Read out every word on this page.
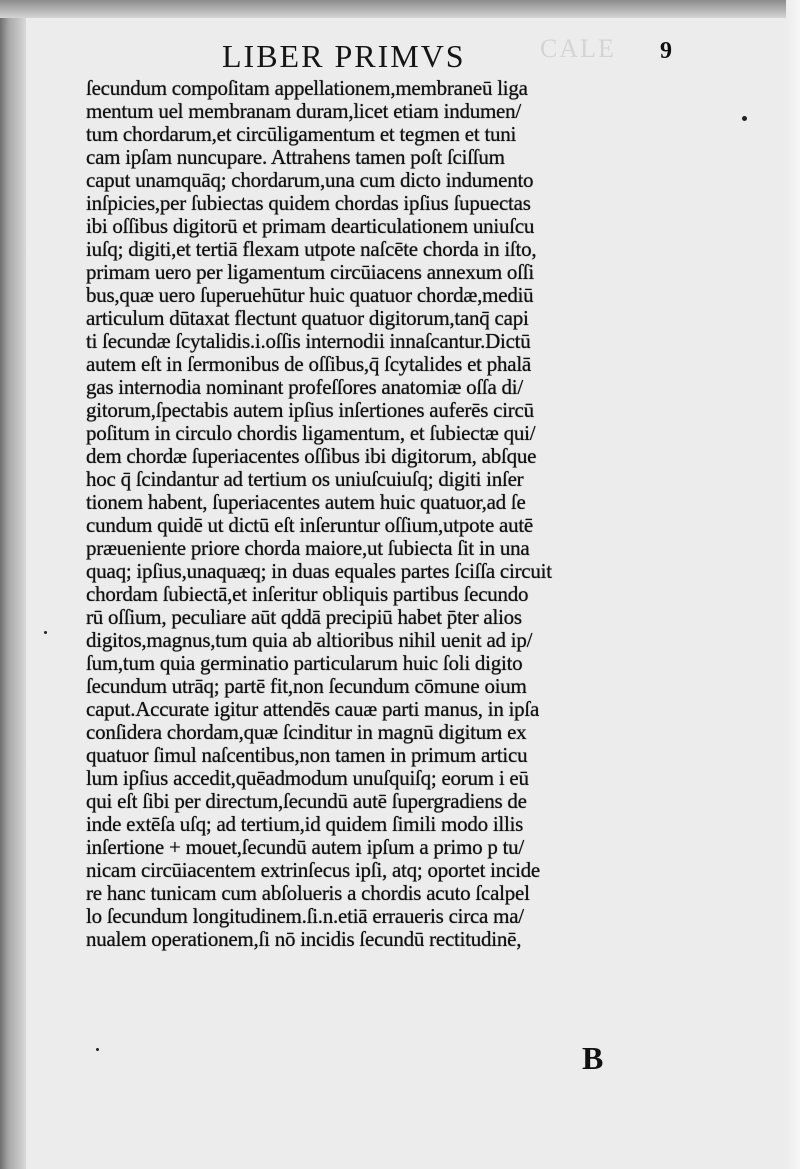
CALE
LIBER PRIMVS	9
ſecundum compoſitam appellationem,membraneū liga
mentum uel membranam duram,licet etiam indumen/
tum chordarum,et circūligamentum et tegmen et tuni
cam ipſam nuncupare. Attrahens tamen poſt ſciſſum
caput unamquāq; chordarum,una cum dicto indumento
inſpicies,per ſubiectas quidem chordas ipſius ſupuectas
ibi oſſibus digitorū et primam dearticulationem uniuſcu
iuſq; digiti,et tertiā flexam utpote naſcēte chorda in iſto,
primam uero per ligamentum circūiacens annexum oſſi
bus,quæ uero ſuperuehūtur huic quatuor chordæ,mediū
articulum dūtaxat flectunt quatuor digitorum,tanq̄ capi
ti ſecundæ ſcytalidis.i.oſſis internodii innaſcantur.Dictū
autem eſt in ſermonibus de oſſibus,q̄ ſcytalides et phalā
gas internodia nominant profeſſores anatomiæ oſſa di/
gitorum,ſpectabis autem ipſius inſertiones auferēs circū
poſitum in circulo chordis ligamentum, et ſubiectæ qui/
dem chordæ ſuperiacentes oſſibus ibi digitorum, abſque
hoc q̄ ſcindantur ad tertium os uniuſcuiuſq; digiti inſer
tionem habent, ſuperiacentes autem huic quatuor,ad ſe
cundum quidē ut dictū eſt inſeruntur oſſium,utpote autē
præueniente priore chorda maiore,ut ſubiecta ſit in una
quaq; ipſius,unaquæq; in duas equales partes ſciſſa circuit
chordam ſubiectā,et inſeritur obliquis partibus ſecundo
rū oſſium, peculiare aūt qddā precipiū habet p̄ter alios
digitos,magnus,tum quia ab altioribus nihil uenit ad ip/
ſum,tum quia germinatio particularum huic ſoli digito
ſecundum utrāq; partē fit,non ſecundum cōmune oium
caput.Accurate igitur attendēs cauæ parti manus, in ipſa
conſidera chordam,quæ ſcinditur in magnū digitum ex
quatuor ſimul naſcentibus,non tamen in primum articu
lum ipſius accedit,quēadmodum unuſquiſq; eorum i eū
qui eſt ſibi per directum,ſecundū autē ſupergradiens de
inde extēſa uſq; ad tertium,id quidem ſimili modo illis
inſertione + mouet,ſecundū autem ipſum a primo p tu/
nicam circūiacentem extrinſecus ipſi, atq; oportet incide
re hanc tunicam cum abſolueris a chordis acuto ſcalpel
lo ſecundum longitudinem.ſi.n.etiā erraueris circa ma/
nualem operationem,ſi nō incidis ſecundū rectitudinē,
B
